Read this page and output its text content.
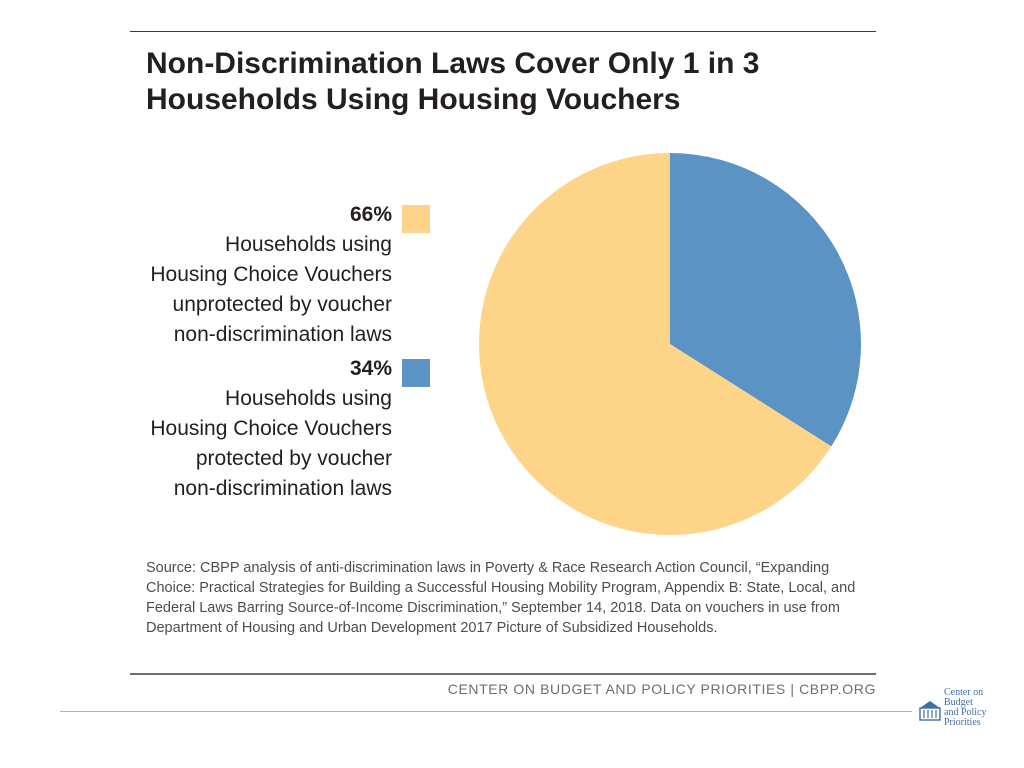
Non-Discrimination Laws Cover Only 1 in 3 Households Using Housing Vouchers
66%
Households using
Housing Choice Vouchers
unprotected by voucher
non-discrimination laws
34%
Households using
Housing Choice Vouchers
protected by voucher
non-discrimination laws
Source: CBPP analysis of anti-discrimination laws in Poverty & Race Research Action Council, “Expanding Choice: Practical Strategies for Building a Successful Housing Mobility Program, Appendix B: State, Local, and Federal Laws Barring Source-of-Income Discrimination,” September 14, 2018. Data on vouchers in use from Department of Housing and Urban Development 2017 Picture of Subsidized Households.
CENTER ON BUDGET AND POLICY PRIORITIES | CBPP.ORG	Center on
Budget
and Policy
Priorities
